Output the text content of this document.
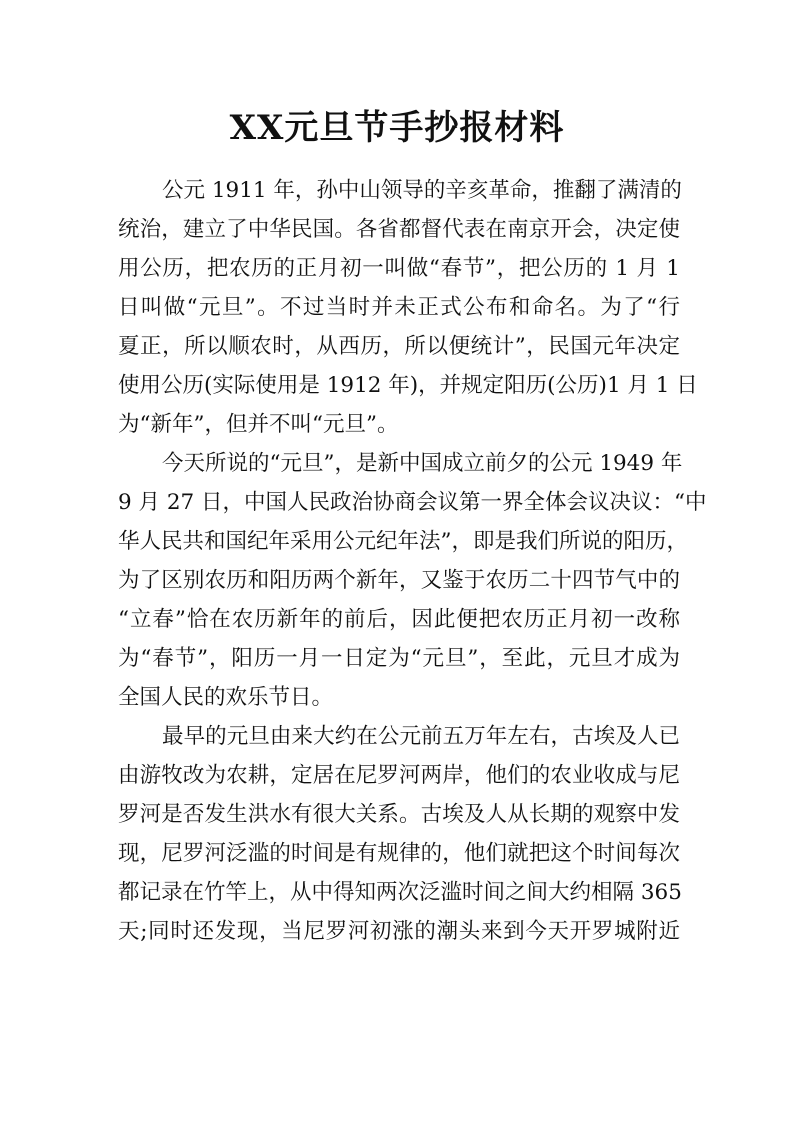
XX元旦节手抄报材料

公元 1911 年，孙中山领导的辛亥革命，推翻了满清的
统治，建立了中华民国。各省都督代表在南京开会，决定使
用公历，把农历的正月初一叫做“春节”，把公历的 1 月 1
日叫做“元旦”。不过当时并未正式公布和命名。为了“行
夏正，所以顺农时，从西历，所以便统计”，民国元年决定
使用公历(实际使用是 1912 年)，并规定阳历(公历)1 月 1 日
为“新年”，但并不叫“元旦”。

今天所说的“元旦”，是新中国成立前夕的公元 1949 年
9 月 27 日，中国人民政治协商会议第一界全体会议决议：“中
华人民共和国纪年采用公元纪年法”，即是我们所说的阳历，
为了区别农历和阳历两个新年，又鉴于农历二十四节气中的
“立春”恰在农历新年的前后，因此便把农历正月初一改称
为“春节”，阳历一月一日定为“元旦”，至此，元旦才成为
全国人民的欢乐节日。

最早的元旦由来大约在公元前五万年左右，古埃及人已
由游牧改为农耕，定居在尼罗河两岸，他们的农业收成与尼
罗河是否发生洪水有很大关系。古埃及人从长期的观察中发
现，尼罗河泛滥的时间是有规律的，他们就把这个时间每次
都记录在竹竿上，从中得知两次泛滥时间之间大约相隔 365
天;同时还发现，当尼罗河初涨的潮头来到今天开罗城附近
